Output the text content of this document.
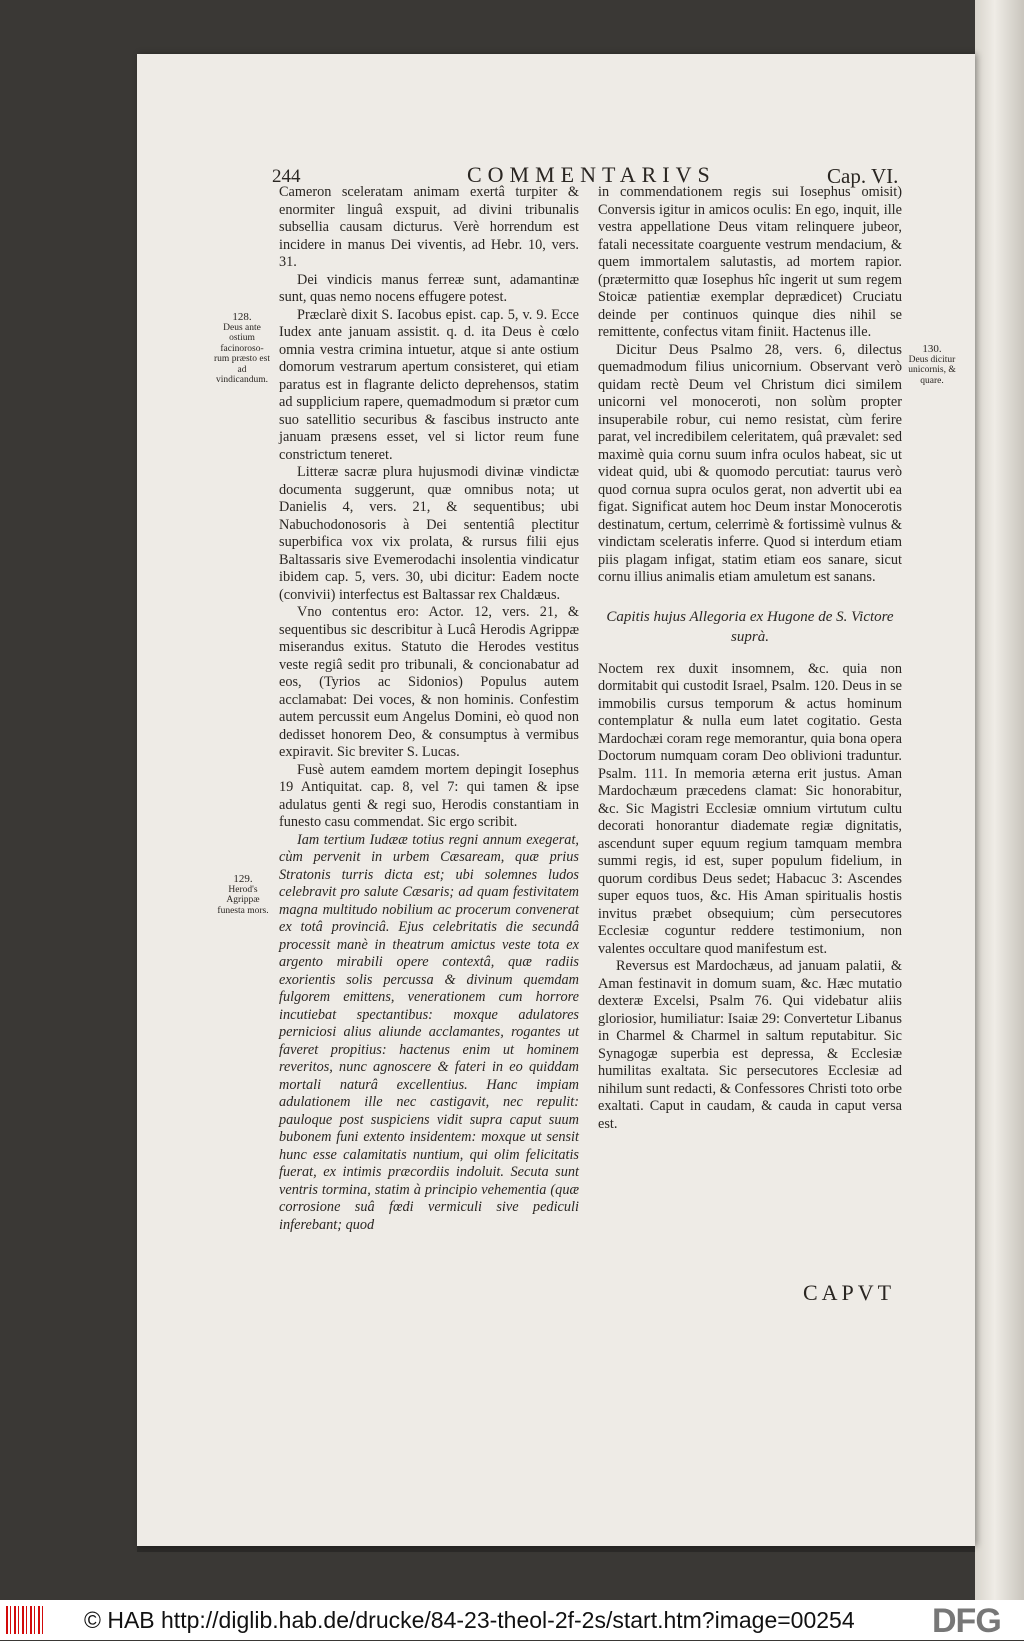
244	COMMENTARIVS	Cap. VI.
128.
Deus ante ostium facinoroso-rum præsto est ad vindicandum.
129.
Herod's Agrippæ funesta mors.
130.
Deus dicitur unicornis, & quare.

Cameron sceleratam animam exertâ turpiter & enormiter linguâ exspuit, ad divini tribunalis subsellia causam dicturus. Verè horrendum est incidere in manus Dei viventis, ad Hebr. 10, vers. 31.

Dei vindicis manus ferreæ sunt, adamantinæ sunt, quas nemo nocens effugere potest.

Præclarè dixit S. Iacobus epist. cap. 5, v. 9. Ecce Iudex ante januam assistit. q. d. ita Deus è cœlo omnia vestra crimina intuetur, atque si ante ostium domorum vestrarum apertum consisteret, qui etiam paratus est in flagrante delicto deprehensos, statim ad supplicium rapere, quemadmodum si prætor cum suo satellitio securibus & fascibus instructo ante januam præsens esset, vel si lictor reum fune constrictum teneret.

Litteræ sacræ plura hujusmodi divinæ vindictæ documenta suggerunt, quæ omnibus nota; ut Danielis 4, vers. 21, & sequentibus; ubi Nabuchodonosoris à Dei sententiâ plectitur superbifica vox vix prolata, & rursus filii ejus Baltassaris sive Evemerodachi insolentia vindicatur ibidem cap. 5, vers. 30, ubi dicitur: Eadem nocte (convivii) interfectus est Baltassar rex Chaldæus.

Vno contentus ero: Actor. 12, vers. 21, & sequentibus sic describitur à Lucâ Herodis Agrippæ miserandus exitus. Statuto die Herodes vestitus veste regiâ sedit pro tribunali, & concionabatur ad eos, (Tyrios ac Sidonios) Populus autem acclamabat: Dei voces, & non hominis. Confestim autem percussit eum Angelus Domini, eò quod non dedisset honorem Deo, & consumptus à vermibus expiravit. Sic breviter S. Lucas.

Fusè autem eamdem mortem depingit Iosephus 19 Antiquitat. cap. 8, vel 7: qui tamen & ipse adulatus genti & regi suo, Herodis constantiam in funesto casu commendat. Sic ergo scribit.

Iam tertium Iudææ totius regni annum exegerat, cùm pervenit in urbem Cæsaream, quæ prius Stratonis turris dicta est; ubi solemnes ludos celebravit pro salute Cæsaris; ad quam festivitatem magna multitudo nobilium ac procerum convenerat ex totâ provinciâ. Ejus celebritatis die secundâ processit manè in theatrum amictus veste tota ex argento mirabili opere contextâ, quæ radiis exorientis solis percussa & divinum quemdam fulgorem emittens, venerationem cum horrore incutiebat spectantibus: moxque adulatores perniciosi alius aliunde acclamantes, rogantes ut faveret propitius: hactenus enim ut hominem reveritos, nunc agnoscere & fateri in eo quiddam mortali naturâ excellentius. Hanc impiam adulationem ille nec castigavit, nec repulit: pauloque post suspiciens vidit supra caput suum bubonem funi extento insidentem: moxque ut sensit hunc esse calamitatis nuntium, qui olim felicitatis fuerat, ex intimis præcordiis indoluit. Secuta sunt ventris tormina, statim à principio vehementia (quæ corrosione suâ fœdi vermiculi sive pediculi inferebant; quod

in commendationem regis sui Iosephus omisit) Conversis igitur in amicos oculis: En ego, inquit, ille vestra appellatione Deus vitam relinquere jubeor, fatali necessitate coarguente vestrum mendacium, & quem immortalem salutastis, ad mortem rapior. (prætermitto quæ Iosephus hîc ingerit ut sum regem Stoicæ patientiæ exemplar deprædicet) Cruciatu deinde per continuos quinque dies nihil se remittente, confectus vitam finiit. Hactenus ille.

Dicitur Deus Psalmo 28, vers. 6, dilectus quemadmodum filius unicornium. Observant verò quidam rectè Deum vel Christum dici similem unicorni vel monoceroti, non solùm propter insuperabile robur, cui nemo resistat, cùm ferire parat, vel incredibilem celeritatem, quâ prævalet: sed maximè quia cornu suum infra oculos habeat, sic ut videat quid, ubi & quomodo percutiat: taurus verò quod cornua supra oculos gerat, non advertit ubi ea figat. Significat autem hoc Deum instar Monocerotis destinatum, certum, celerrimè & fortissimè vulnus & vindictam sceleratis inferre. Quod si interdum etiam piis plagam infigat, statim etiam eos sanare, sicut cornu illius animalis etiam amuletum est sanans.

Capitis hujus Allegoria ex Hugone de S. Victore suprà.

Noctem rex duxit insomnem, &c. quia non dormitabit qui custodit Israel, Psalm. 120. Deus in se immobilis cursus temporum & actus hominum contemplatur & nulla eum latet cogitatio. Gesta Mardochæi coram rege memorantur, quia bona opera Doctorum numquam coram Deo oblivioni traduntur. Psalm. 111. In memoria æterna erit justus. Aman Mardochæum præcedens clamat: Sic honorabitur, &c. Sic Magistri Ecclesiæ omnium virtutum cultu decorati honorantur diademate regiæ dignitatis, ascendunt super equum regium tamquam membra summi regis, id est, super populum fidelium, in quorum cordibus Deus sedet; Habacuc 3: Ascendes super equos tuos, &c. His Aman spiritualis hostis invitus præbet obsequium; cùm persecutores Ecclesiæ coguntur reddere testimonium, non valentes occultare quod manifestum est.

Reversus est Mardochæus, ad januam palatii, & Aman festinavit in domum suam, &c. Hæc mutatio dexteræ Excelsi, Psalm 76. Qui videbatur aliis gloriosior, humiliatur: Isaiæ 29: Convertetur Libanus in Charmel & Charmel in saltum reputabitur. Sic Synagogæ superbia est depressa, & Ecclesiæ humilitas exaltata. Sic persecutores Ecclesiæ ad nihilum sunt redacti, & Confessores Christi toto orbe exaltati. Caput in caudam, & cauda in caput versa est.

CAPVT
© HAB http://diglib.hab.de/drucke/84-23-theol-2f-2s/start.htm?image=00254 DFG
